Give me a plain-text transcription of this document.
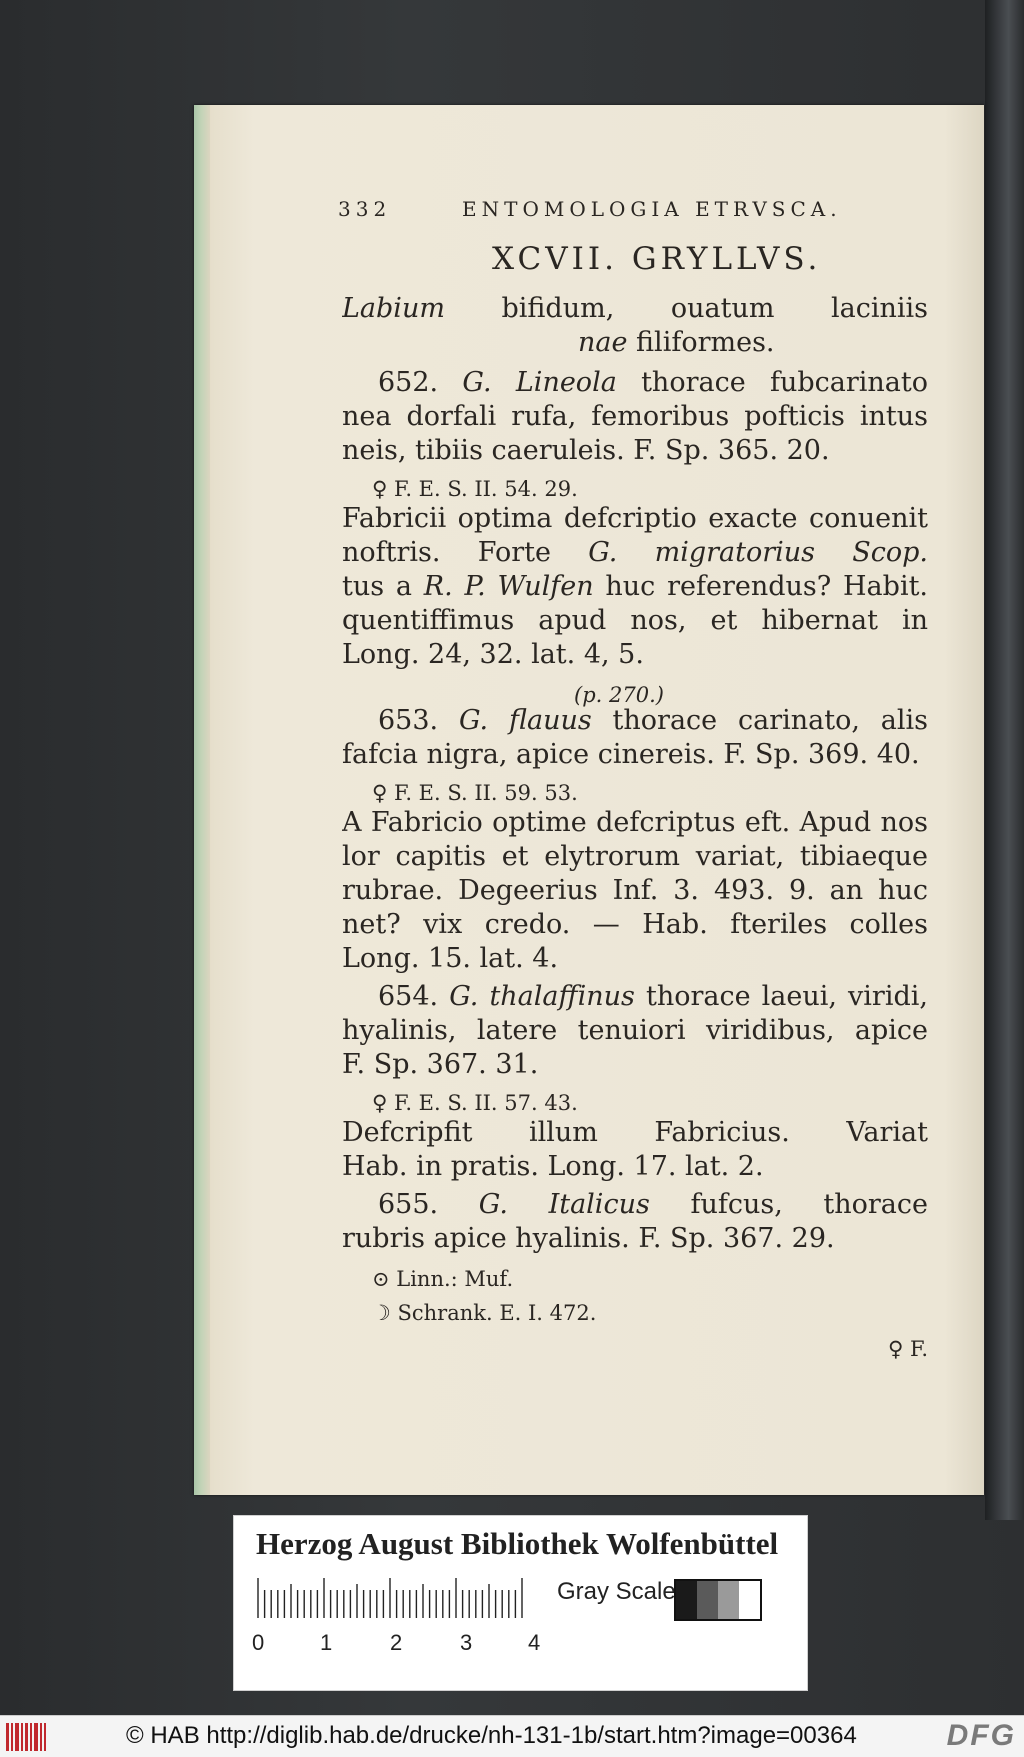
332	ENTOMOLOGIA ETRVSCA.
XCVII. GRYLLVS.
Labium bifidum, ouatum laciniis
nae filiformes.
652. G. Lineola thorace fubcarinato
nea dorfali rufa, femoribus pofticis intus
neis, tibiis caeruleis. F. Sp. 365. 20.
♀ F. E. S. II. 54. 29.
Fabricii optima defcriptio exacte conuenit
noftris. Forte G. migratorius Scop.
tus a R. P. Wulfen huc referendus? Habit.
quentiffimus apud nos, et hibernat in
Long. 24, 32. lat. 4, 5.
(p. 270.)
653. G. flauus thorace carinato, alis
fafcia nigra, apice cinereis. F. Sp. 369. 40.
♀ F. E. S. II. 59. 53.
A Fabricio optime defcriptus eft. Apud nos
lor capitis et elytrorum variat, tibiaeque
rubrae. Degeerius Inf. 3. 493. 9. an huc
net? vix credo. — Hab. fteriles colles
Long. 15. lat. 4.
654. G. thalaffinus thorace laeui, viridi,
hyalinis, latere tenuiori viridibus, apice
F. Sp. 367. 31.
♀ F. E. S. II. 57. 43.
Defcripfit illum Fabricius. Variat
Hab. in pratis. Long. 17. lat. 2.
655. G. Italicus fufcus, thorace
rubris apice hyalinis. F. Sp. 367. 29.
⊙ Linn.: Muf.
☽ Schrank. E. I. 472.
♀ F.
Herzog August Bibliothek Wolfenbüttel
0	1	2	3	4
Gray Scale
© HAB http://diglib.hab.de/drucke/nh-131-1b/start.htm?image=00364	DFG
